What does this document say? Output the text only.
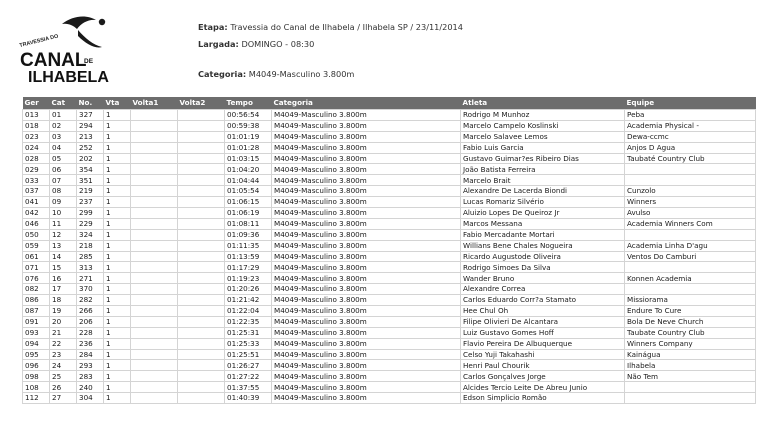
TRAVESSIA DO
CANAL
DE
ILHABELA
Etapa: Travessia do Canal de Ilhabela / Ilhabela SP / 23/11/2014
Largada: DOMINGO - 08:30
Categoria: M4049-Masculino 3.800m
Ger	Cat	No.	Vta	Volta1	Volta2	Tempo	Categoria	Atleta	Equipe
013	01	327	1			00:56:54	M4049-Masculino 3.800m	Rodrigo M Munhoz	Peba
018	02	294	1			00:59:38	M4049-Masculino 3.800m	Marcelo Campelo Koslinski	Academia Physical -
023	03	213	1			01:01:19	M4049-Masculino 3.800m	Marcelo Salavee Lemos	Dewa-ccmc
024	04	252	1			01:01:28	M4049-Masculino 3.800m	Fabio Luis Garcia	Anjos D Agua
028	05	202	1			01:03:15	M4049-Masculino 3.800m	Gustavo Guimar?es Ribeiro Dias	Taubaté Country Club
029	06	354	1			01:04:20	M4049-Masculino 3.800m	João Batista Ferreira	
033	07	351	1			01:04:44	M4049-Masculino 3.800m	Marcelo Brait	
037	08	219	1			01:05:54	M4049-Masculino 3.800m	Alexandre De Lacerda Biondi	Cunzolo
041	09	237	1			01:06:15	M4049-Masculino 3.800m	Lucas Romariz Silvério	Winners
042	10	299	1			01:06:19	M4049-Masculino 3.800m	Aluizio Lopes De Queiroz Jr	Avulso
046	11	229	1			01:08:11	M4049-Masculino 3.800m	Marcos Messana	Academia Winners Com
050	12	324	1			01:09:36	M4049-Masculino 3.800m	Fabio Mercadante Mortari	
059	13	218	1			01:11:35	M4049-Masculino 3.800m	Willians Bene Chales Nogueira	Academia Linha D'agu
061	14	285	1			01:13:59	M4049-Masculino 3.800m	Ricardo Augustode Oliveira	Ventos Do Camburi
071	15	313	1			01:17:29	M4049-Masculino 3.800m	Rodrigo Simoes Da Silva	
076	16	271	1			01:19:23	M4049-Masculino 3.800m	Wander Bruno	Konnen Academia
082	17	370	1			01:20:26	M4049-Masculino 3.800m	Alexandre Correa	
086	18	282	1			01:21:42	M4049-Masculino 3.800m	Carlos Eduardo Corr?a Stamato	Missiorama
087	19	266	1			01:22:04	M4049-Masculino 3.800m	Hee Chul Oh	Endure To Cure
091	20	206	1			01:22:35	M4049-Masculino 3.800m	Filipe Olivieri De Alcantara	Bola De Neve Church
093	21	228	1			01:25:31	M4049-Masculino 3.800m	Luiz Gustavo Gomes Hoff	Taubate Country Club
094	22	236	1			01:25:33	M4049-Masculino 3.800m	Flavio Pereira De Albuquerque	Winners Company
095	23	284	1			01:25:51	M4049-Masculino 3.800m	Celso Yuji Takahashi	Kainágua
096	24	293	1			01:26:27	M4049-Masculino 3.800m	Henri Paul Chourik	Ilhabela
098	25	283	1			01:27:22	M4049-Masculino 3.800m	Carlos Gonçalves Jorge	Não Tem
108	26	240	1			01:37:55	M4049-Masculino 3.800m	Alcides Tercio Leite De Abreu Junio	
112	27	304	1			01:40:39	M4049-Masculino 3.800m	Edson Simplicio Romão	
